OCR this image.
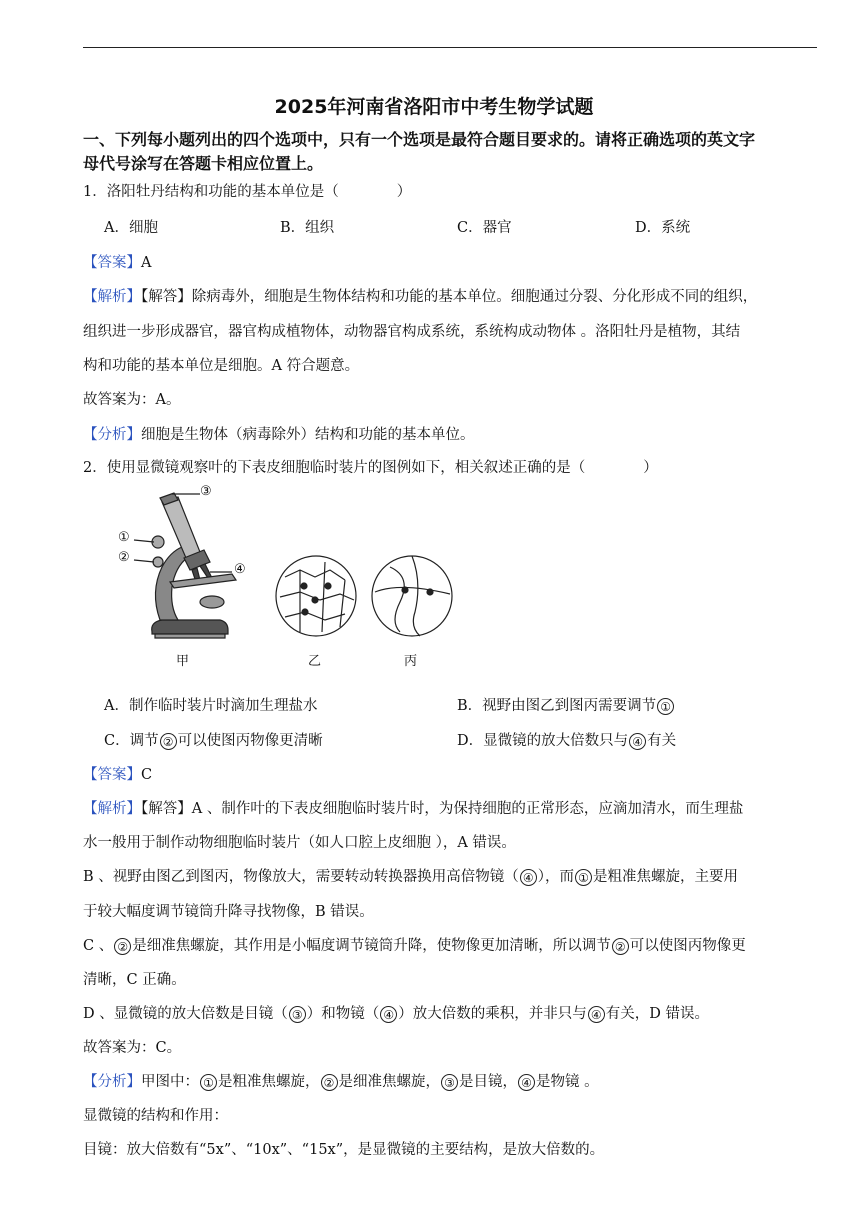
2025年河南省洛阳市中考生物学试题
一、下列每小题列出的四个选项中，只有一个选项是最符合题目要求的。请将正确选项的英文字
母代号涂写在答题卡相应位置上。
1．洛阳牡丹结构和功能的基本单位是（　　　　）
A．细胞	B．组织	C．器官	D．系统
【答案】A
【解析】【解答】除病毒外，细胞是生物体结构和功能的基本单位。细胞通过分裂、分化形成不同的组织，
组织进一步形成器官，器官构成植物体，动物器官构成系统，系统构成动物体 。洛阳牡丹是植物，其结
构和功能的基本单位是细胞。A 符合题意。
故答案为：A。
【分析】细胞是生物体（病毒除外）结构和功能的基本单位。
2．使用显微镜观察叶的下表皮细胞临时装片的图例如下，相关叙述正确的是（　　　　）
③
①
②
④
甲	乙	丙
A．制作临时装片时滴加生理盐水	B．视野由图乙到图丙需要调节 ①
C．调节 ② 可以使图丙物像更清晰	D．显微镜的放大倍数只与 ④ 有关
【答案】C
【解析】【解答】A 、制作叶的下表皮细胞临时装片时，为保持细胞的正常形态，应滴加清水，而生理盐
水一般用于制作动物细胞临时装片（如人口腔上皮细胞 ），A 错误。
B 、视野由图乙到图丙，物像放大，需要转动转换器换用高倍物镜（ ④ ），而 ① 是粗准焦螺旋，主要用
于较大幅度调节镜筒升降寻找物像，B 错误。
C 、 ② 是细准焦螺旋，其作用是小幅度调节镜筒升降，使物像更加清晰，所以调节 ② 可以使图丙物像更
清晰，C 正确。
D 、显微镜的放大倍数是目镜（ ③ ）和物镜（ ④ ）放大倍数的乘积，并非只与 ④ 有关，D 错误。
故答案为：C。
【分析】甲图中： ① 是粗准焦螺旋， ② 是细准焦螺旋， ③ 是目镜， ④ 是物镜 。
显微镜的结构和作用：
目镜：放大倍数有“5x”、“10x”、“15x”，是显微镜的主要结构，是放大倍数的。
